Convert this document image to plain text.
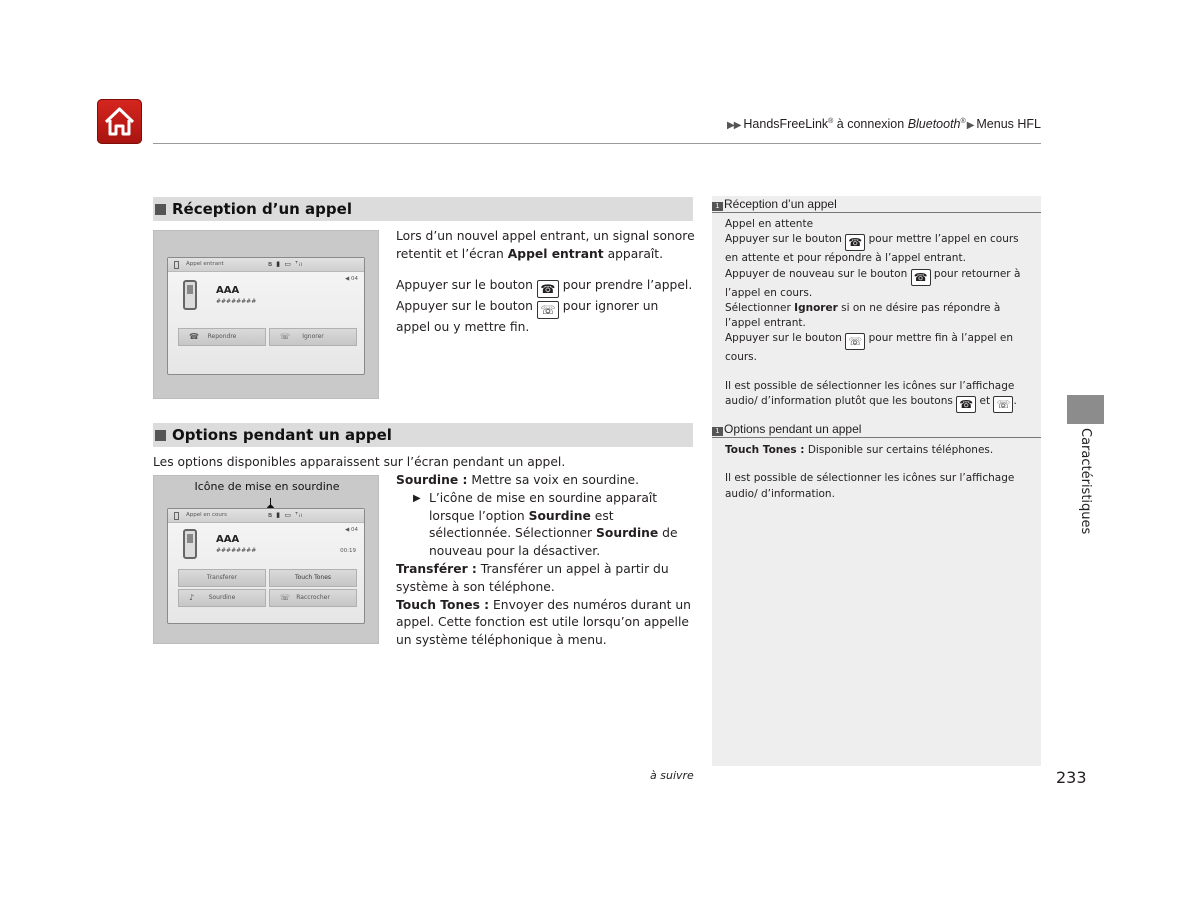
▶▶ HandsFreeLink® à connexion Bluetooth®▶ Menus HFL
Réception d’un appel
Appel entrant	ʙ ▮ ▭ ᵀᵢₗ
◀ 04
AAA
########
☎ Repondre	☏ Ignorer
Lors d’un nouvel appel entrant, un signal sonore retentit et l’écran Appel entrant apparaît.
Appuyer sur le bouton ☎ pour prendre l’appel.
Appuyer sur le bouton ☏ pour ignorer un appel ou y mettre fin.
Options pendant un appel
Les options disponibles apparaissent sur l’écran pendant un appel.
Icône de mise en sourdine
Appel en cours	ʙ ▮ ▭ ᵀᵢₗ
◀ 04
AAA
########	00:19
Transferer	Touch Tones
♪ Sourdine	☏ Raccrocher
Sourdine : Mettre sa voix en sourdine.
▶ L’icône de mise en sourdine apparaît lorsque l’option Sourdine est sélectionnée. Sélectionner Sourdine de nouveau pour la désactiver.
Transférer : Transférer un appel à partir du système à son téléphone.
Touch Tones : Envoyer des numéros durant un appel. Cette fonction est utile lorsqu’on appelle un système téléphonique à menu.
1 Réception d’un appel
Appel en attente
Appuyer sur le bouton ☎ pour mettre l’appel en cours en attente et pour répondre à l’appel entrant.
Appuyer de nouveau sur le bouton ☎ pour retourner à l’appel en cours.
Sélectionner Ignorer si on ne désire pas répondre à l’appel entrant.
Appuyer sur le bouton ☏ pour mettre fin à l’appel en cours.
Il est possible de sélectionner les icônes sur l’affichage audio/ d’information plutôt que les boutons ☎ et ☏ .
1 Options pendant un appel
Touch Tones : Disponible sur certains téléphones.
Il est possible de sélectionner les icônes sur l’affichage audio/ d’information.	Caractéristiques
à suivre	233
